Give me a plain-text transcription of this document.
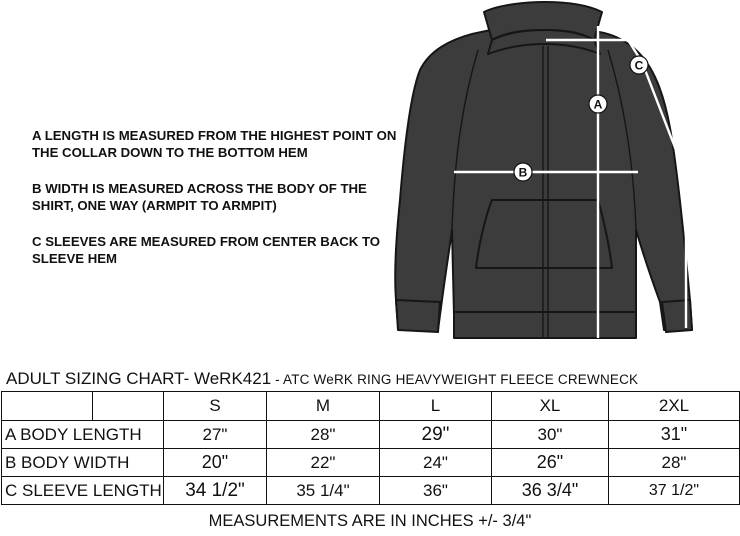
A LENGTH IS MEASURED FROM THE HIGHEST POINT ON THE COLLAR DOWN TO THE BOTTOM HEM

B WIDTH IS MEASURED ACROSS THE BODY OF THE SHIRT, ONE WAY (ARMPIT TO ARMPIT)

C SLEEVES ARE MEASURED FROM CENTER BACK TO SLEEVE HEM

A
B
C
ADULT SIZING CHART- WeRK421 - ATC WeRK RING HEAVYWEIGHT FLEECE CREWNECK
		S	M	L	XL	2XL
A BODY LENGTH		27"	28"	29"	30"	31"
B BODY WIDTH		20"	22"	24"	26"	28"
C SLEEVE LENGTH		34 1/2"	35 1/4"	36"	36 3/4"	37 1/2"
MEASUREMENTS ARE IN INCHES +/- 3/4"
